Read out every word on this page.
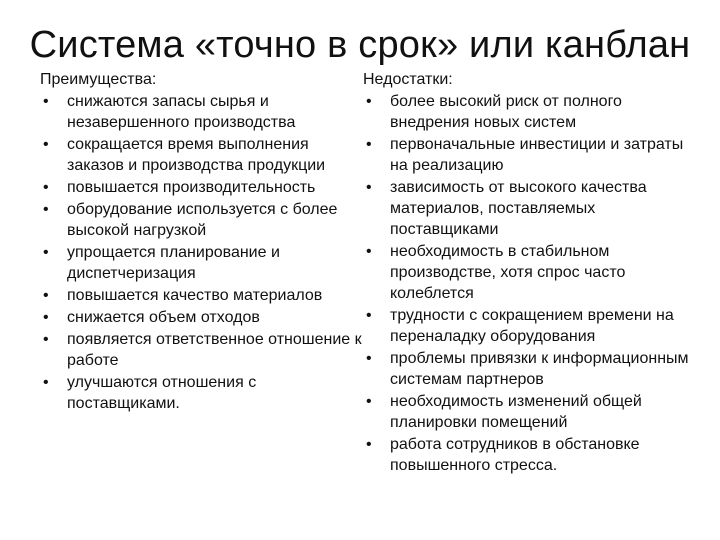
Система «точно в срок» или канблан
Преимущества:
• снижаются запасы сырья и незавершенного производства
• сокращается время выполнения заказов и производства продукции
• повышается производительность
• оборудование используется с более высокой нагрузкой
• упрощается планирование и диспетчеризация
• повышается качество материалов
• снижается объем отходов
• появляется ответственное отношение к работе
• улучшаются отношения с поставщиками.
Недостатки:
• более высокий риск от полного внедрения новых систем
• первоначальные инвестиции и затраты на реализацию
• зависимость от высокого качества материалов, поставляемых поставщиками
• необходимость в стабильном производстве, хотя спрос часто колеблется
• трудности с сокращением времени на переналадку оборудования
• проблемы привязки к информационным системам партнеров
• необходимость изменений общей планировки помещений
• работа сотрудников в обстановке повышенного стресса.
